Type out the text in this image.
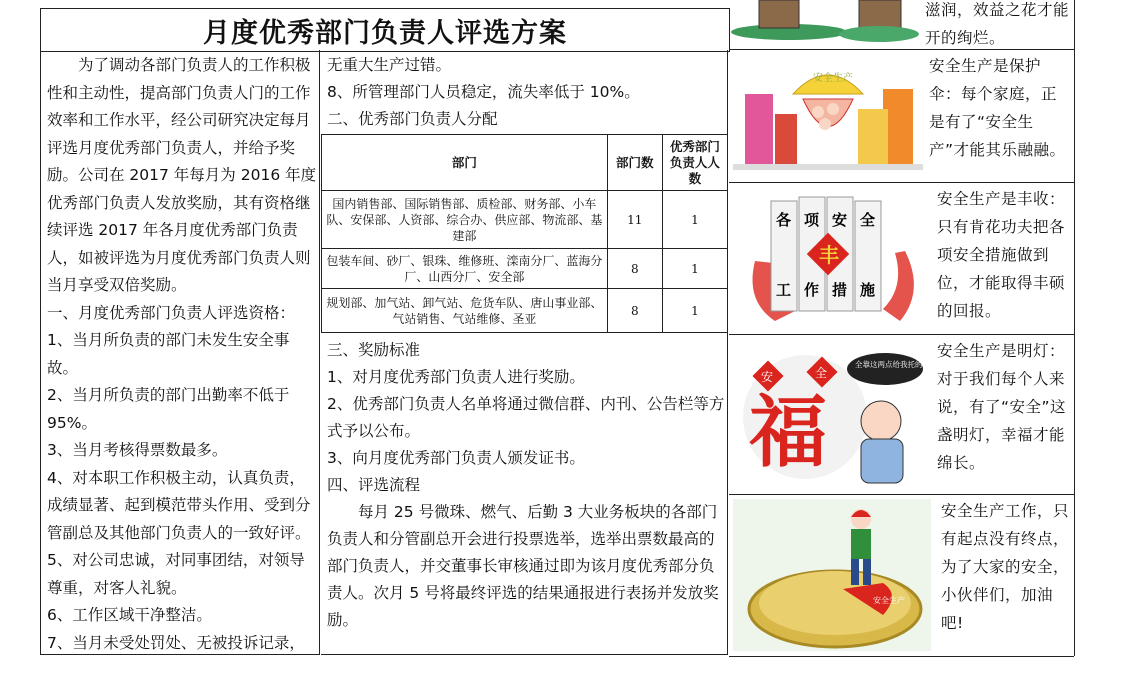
月度优秀部门负责人评选方案

为了调动各部门负责人的工作积极性和主动性，提高部门负责人门的工作效率和工作水平，经公司研究决定每月评选月度优秀部门负责人，并给予奖励。公司在 2017 年每月为 2016 年度优秀部门负责人发放奖励，其有资格继续评选 2017 年各月度优秀部门负责人，如被评选为月度优秀部门负责人则当月享受双倍奖励。

一、月度优秀部门负责人评选资格：

1、当月所负责的部门未发生安全事故。

2、当月所负责的部门出勤率不低于 95%。

3、当月考核得票数最多。

4、对本职工作积极主动，认真负责，成绩显著、起到模范带头作用、受到分管副总及其他部门负责人的一致好评。

5、对公司忠诚，对同事团结，对领导尊重，对客人礼貌。

6、工作区域干净整洁。

7、当月未受处罚处、无被投诉记录，

无重大生产过错。

8、所管理部门人员稳定，流失率低于 10%。

二、优秀部门负责人分配

部门	部门数	优秀部门负责人人数
国内销售部、国际销售部、质检部、财务部、小车队、安保部、人资部、综合办、供应部、物流部、基建部	11	1
包装车间、砂厂、银珠、维修班、滦南分厂、蓝海分厂、山西分厂、安全部	8	1
规划部、加气站、卸气站、危货车队、唐山事业部、气站销售、气站维修、圣亚	8	1

三、奖励标准

1、对月度优秀部门负责人进行奖励。

2、优秀部门负责人名单将通过微信群、内刊、公告栏等方式予以公布。

3、向月度优秀部门负责人颁发证书。

四、评选流程

每月 25 号微珠、燃气、后勤 3 大业务板块的各部门负责人和分管副总开会进行投票选举，选举出票数最高的部门负责人，并交董事长审核通过即为该月度优秀部分负责人。次月 5 号将最终评选的结果通报进行表扬并发放奖励。

滋润，效益之花才能开的绚烂。
安全生产
安全生产是保护伞：每个家庭，正是有了“安全生产”才能其乐融融。
各 项 安 全
工 作 措 施
丰
安全生产是丰收：只有肯花功夫把各项安全措施做到位，才能取得丰硕的回报。
安	全
福
全靠这两点给我托的福！
安全生产是明灯：对于我们每个人来说，有了“安全”这盏明灯，幸福才能绵长。
安全生产
安全生产工作，只有起点没有终点，为了大家的安全，小伙伴们，加油吧!
